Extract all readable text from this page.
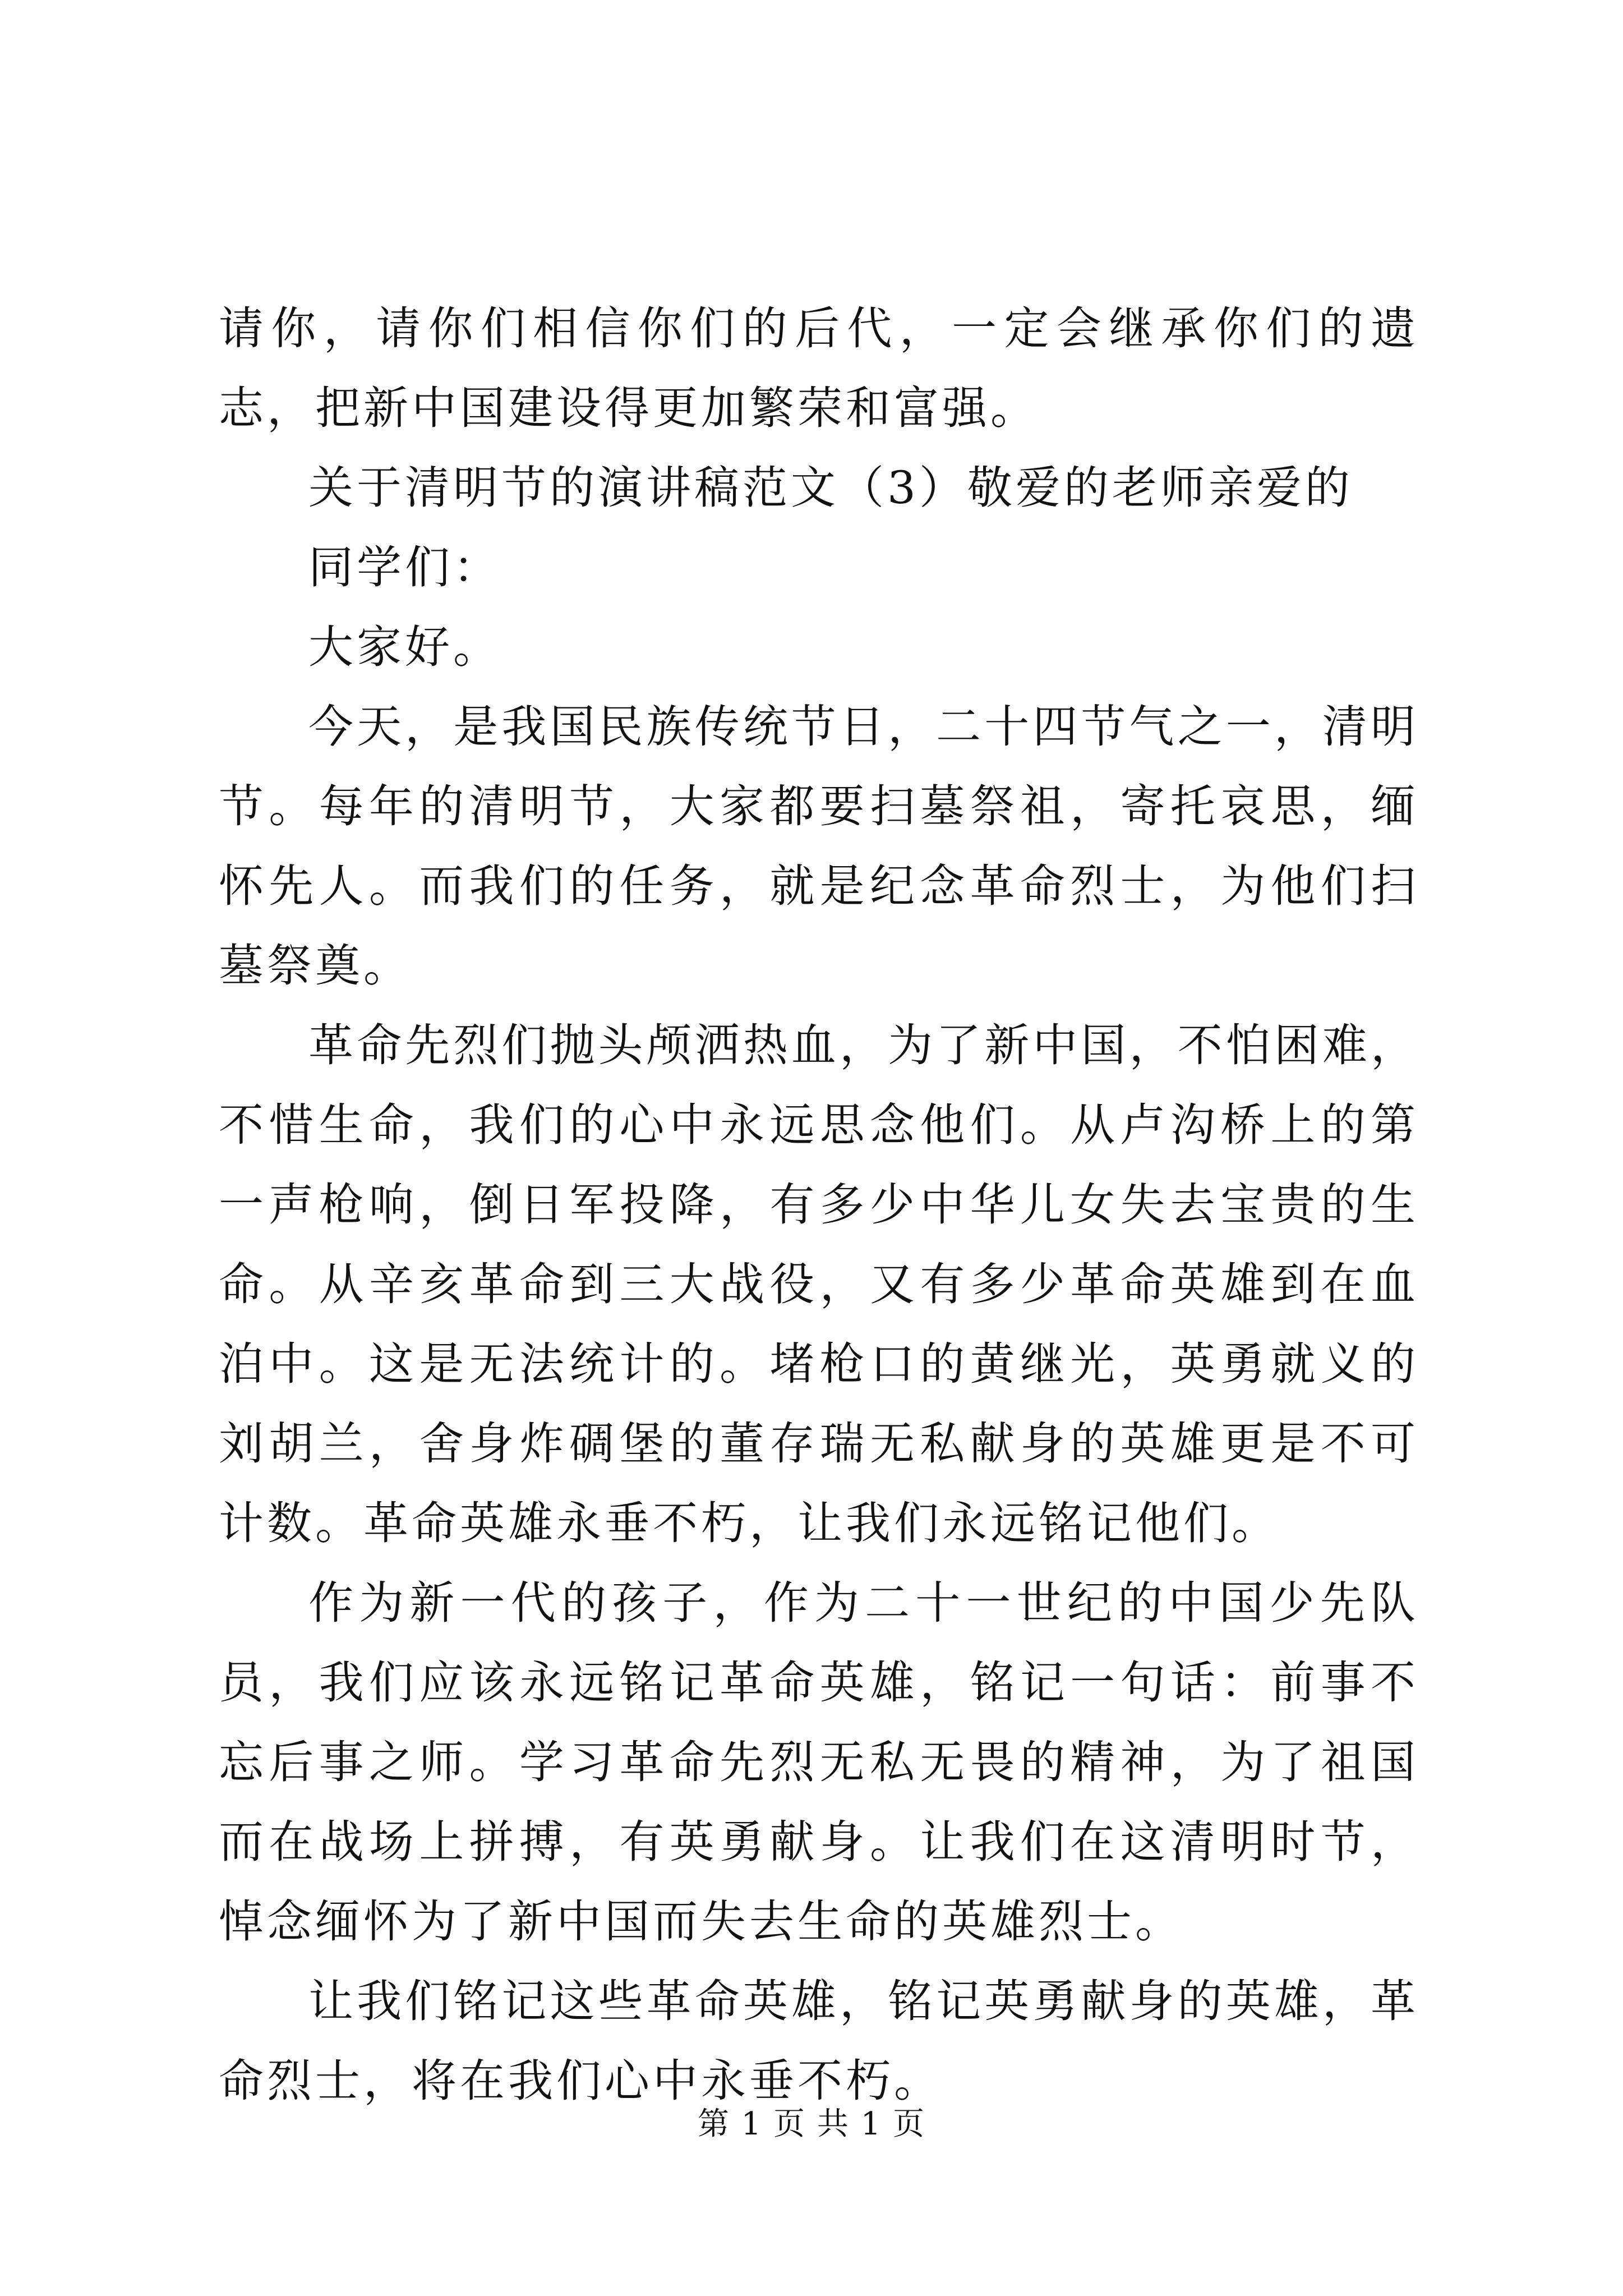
请你，请你们相信你们的后代，一定会继承你们的遗志，把新中国建设得更加繁荣和富强。

关于清明节的演讲稿范文（3）敬爱的老师亲爱的

同学们：

大家好。

今天，是我国民族传统节日，二十四节气之一，清明节。每年的清明节，大家都要扫墓祭祖，寄托哀思，缅怀先人。而我们的任务，就是纪念革命烈士，为他们扫墓祭奠。

革命先烈们抛头颅洒热血，为了新中国，不怕困难，不惜生命，我们的心中永远思念他们。从卢沟桥上的第一声枪响，倒日军投降，有多少中华儿女失去宝贵的生命。从辛亥革命到三大战役，又有多少革命英雄到在血泊中。这是无法统计的。堵枪口的黄继光，英勇就义的刘胡兰，舍身炸碉堡的董存瑞无私献身的英雄更是不可计数。革命英雄永垂不朽，让我们永远铭记他们。

作为新一代的孩子，作为二十一世纪的中国少先队员，我们应该永远铭记革命英雄，铭记一句话：前事不忘后事之师。学习革命先烈无私无畏的精神，为了祖国而在战场上拼搏，有英勇献身。让我们在这清明时节，悼念缅怀为了新中国而失去生命的英雄烈士。

让我们铭记这些革命英雄，铭记英勇献身的英雄，革命烈士，将在我们心中永垂不朽。

第 1 页 共 1 页
